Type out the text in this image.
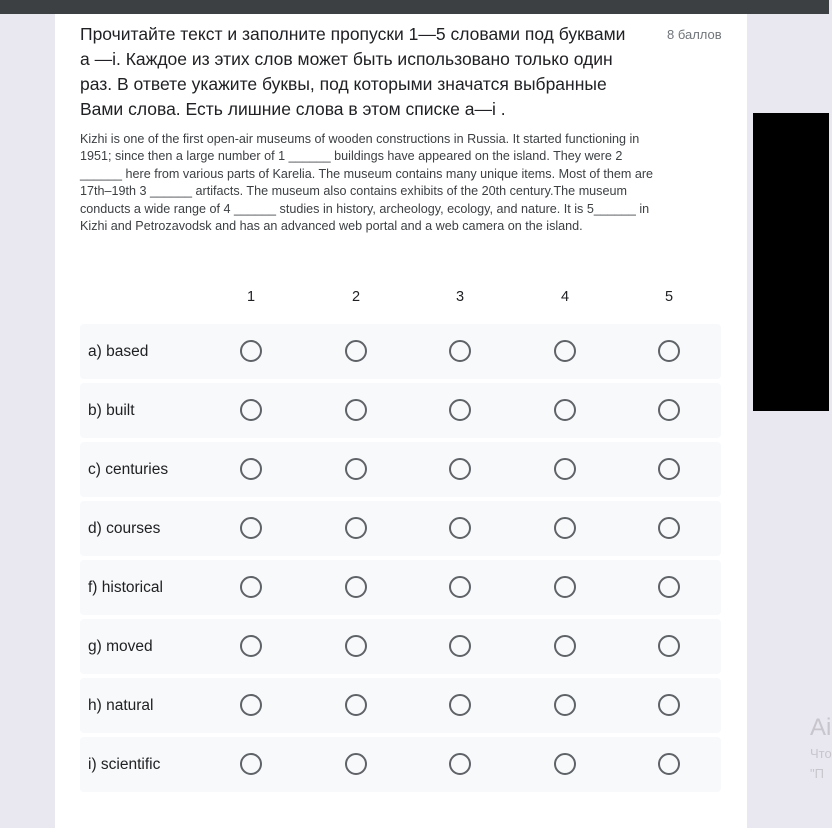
Прочитайте текст и заполните пропуски 1—5 словами под буквами а —i. Каждое из этих слов может быть использовано только один раз. В ответе укажите буквы, под которыми значатся выбранные Вами слова. Есть лишние слова в этом списке а—i .

8 баллов

Kizhi is one of the first open-air museums of wooden constructions in Russia. It started functioning in 1951; since then a large number of 1 ______ buildings have appeared on the island. They were 2 ______ here from various parts of Karelia. The museum contains many unique items. Most of them are 17th–19th 3 ______ artifacts. The museum also contains exhibits of the 20th century.The museum conducts a wide range of 4 ______ studies in history, archeology, ecology, and nature. It is 5______ in Kizhi and Petrozavodsk and has an advanced web portal and a web camera on the island.

1	2	3	4	5
a) based
b) built
c) centuries
d) courses
f) historical
g) moved
h) natural
i) scientific
Ai
Что
"П
